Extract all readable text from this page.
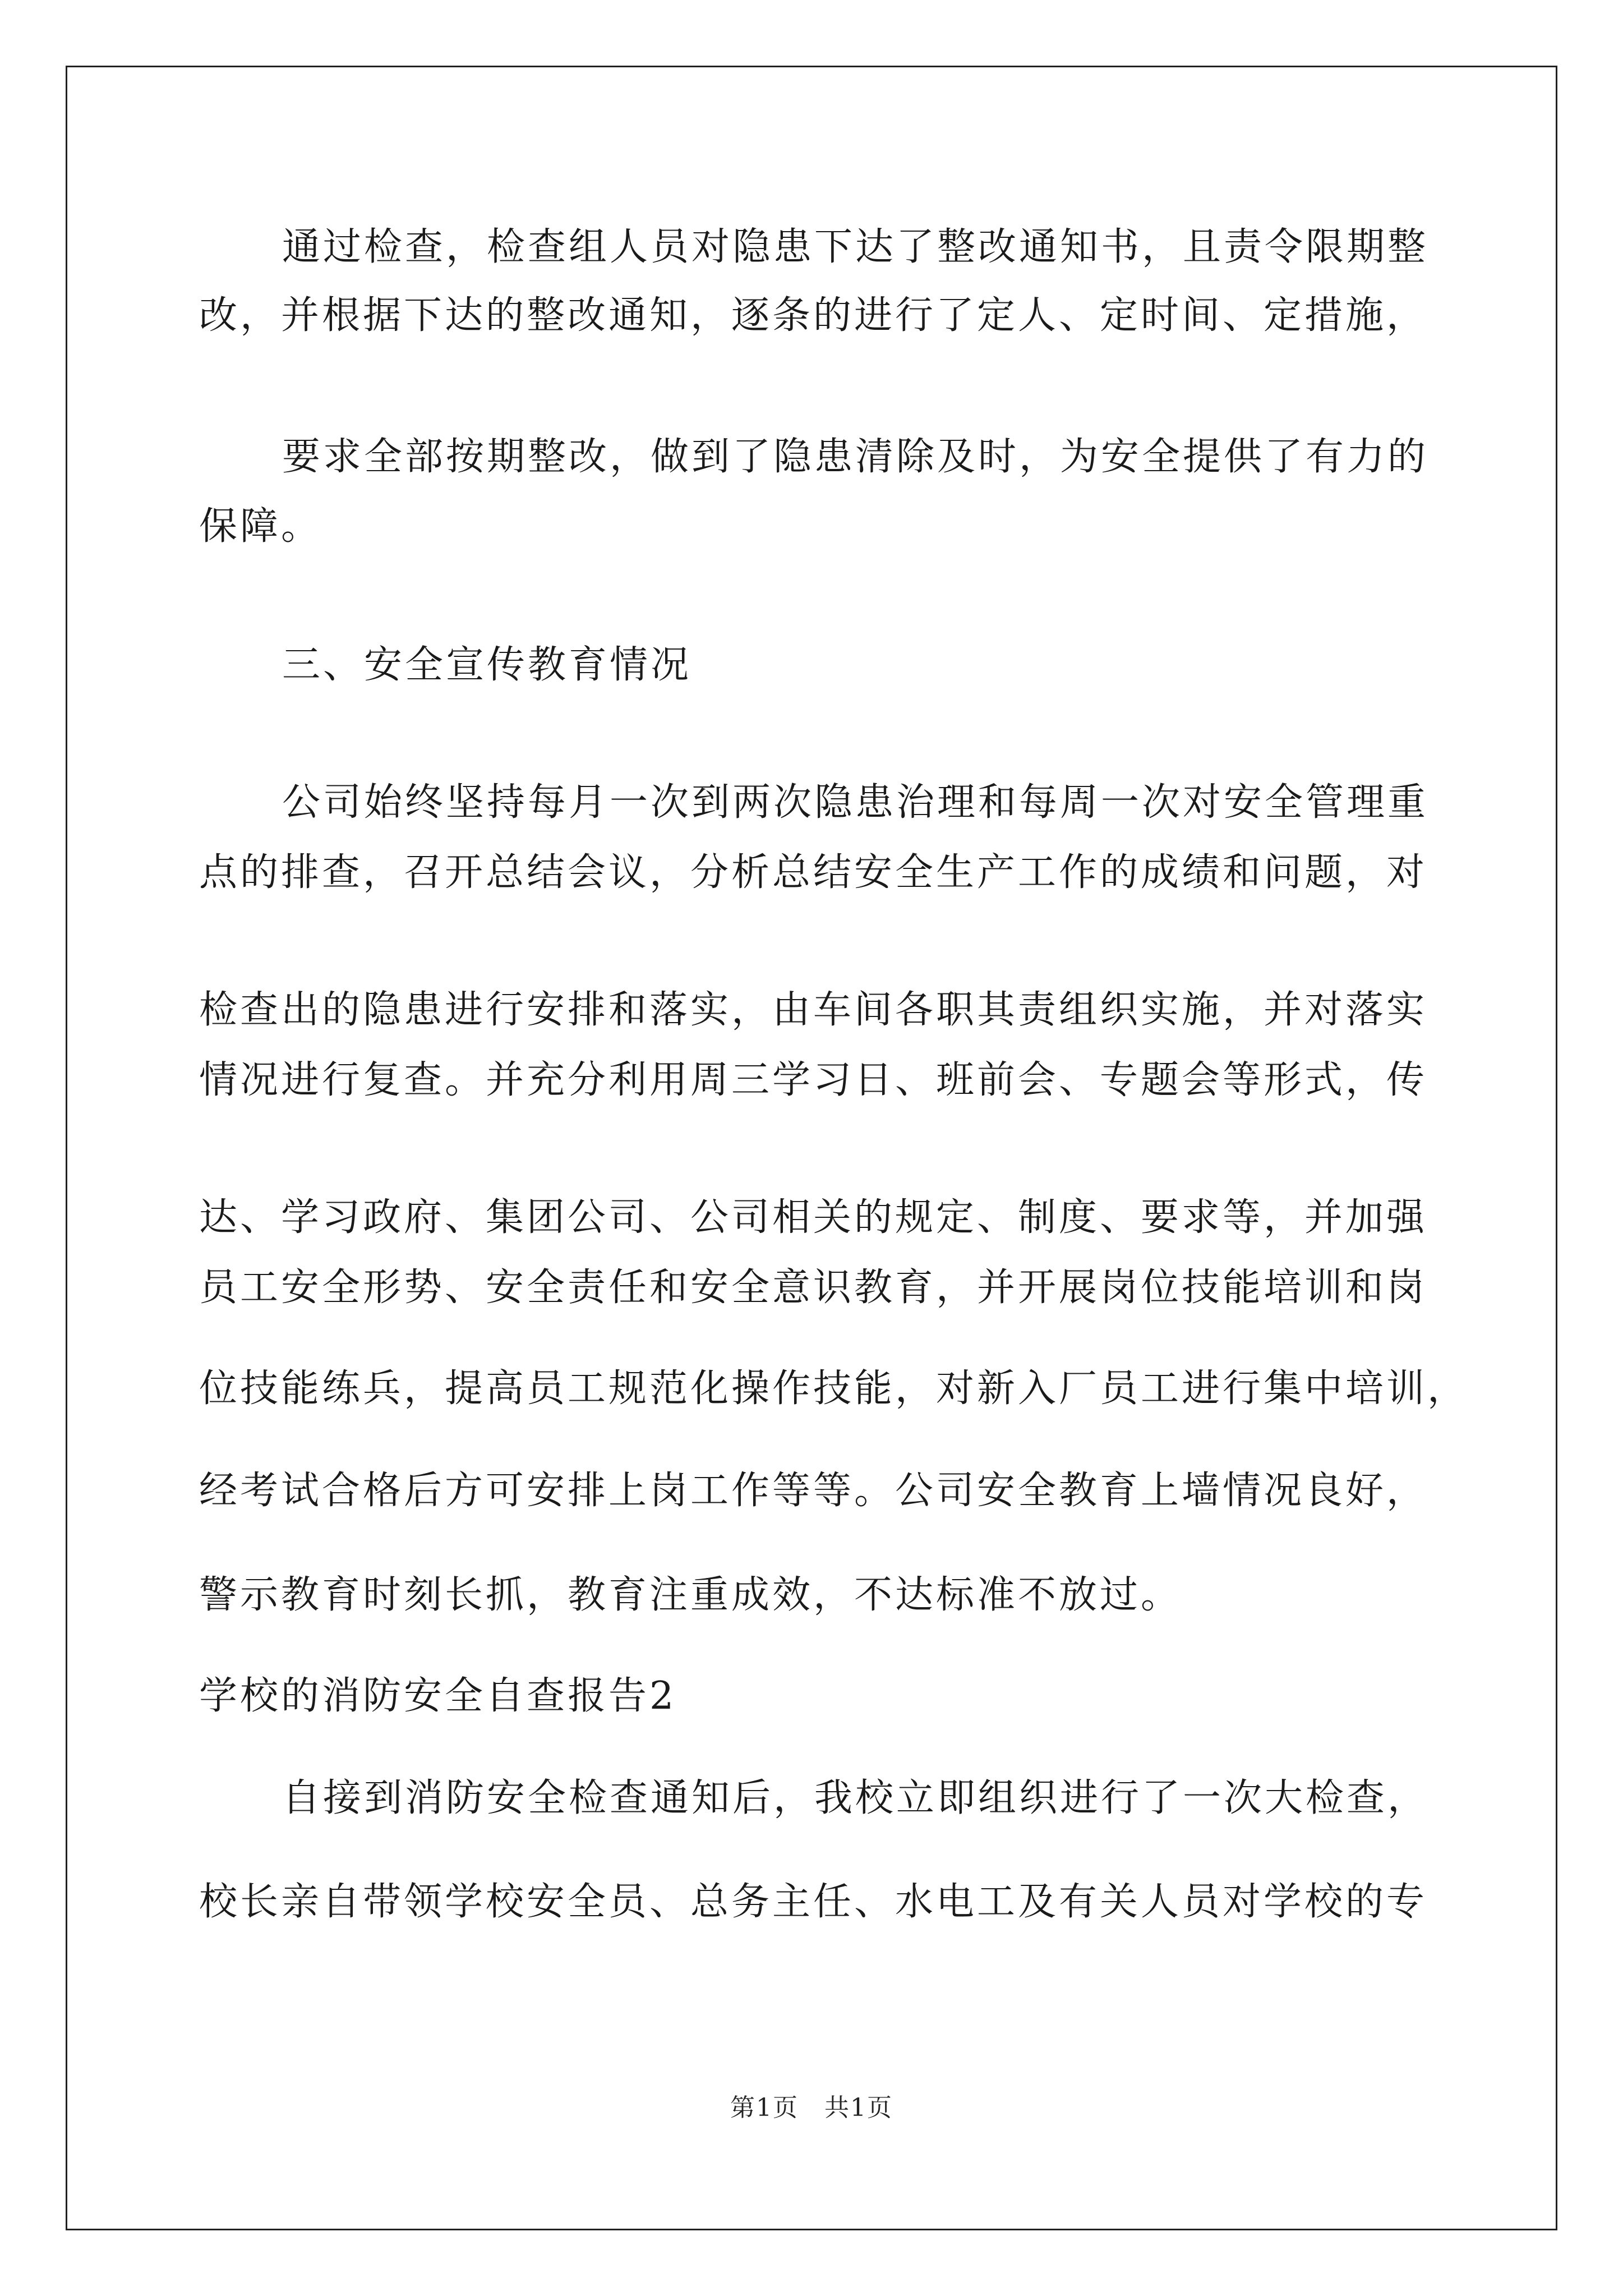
通过检查，检查组人员对隐患下达了整改通知书，且责令限期整
改，并根据下达的整改通知，逐条的进行了定人、定时间、定措施，
要求全部按期整改，做到了隐患清除及时，为安全提供了有力的
保障。
三、安全宣传教育情况
公司始终坚持每月一次到两次隐患治理和每周一次对安全管理重
点的排查，召开总结会议，分析总结安全生产工作的成绩和问题，对
检查出的隐患进行安排和落实，由车间各职其责组织实施，并对落实
情况进行复查。并充分利用周三学习日、班前会、专题会等形式，传
达、学习政府、集团公司、公司相关的规定、制度、要求等，并加强
员工安全形势、安全责任和安全意识教育，并开展岗位技能培训和岗
位技能练兵，提高员工规范化操作技能，对新入厂员工进行集中培训，
经考试合格后方可安排上岗工作等等。公司安全教育上墙情况良好，
警示教育时刻长抓，教育注重成效，不达标准不放过。
学校的消防安全自查报告2
自接到消防安全检查通知后，我校立即组织进行了一次大检查，
校长亲自带领学校安全员、总务主任、水电工及有关人员对学校的专
第1页　共1页
